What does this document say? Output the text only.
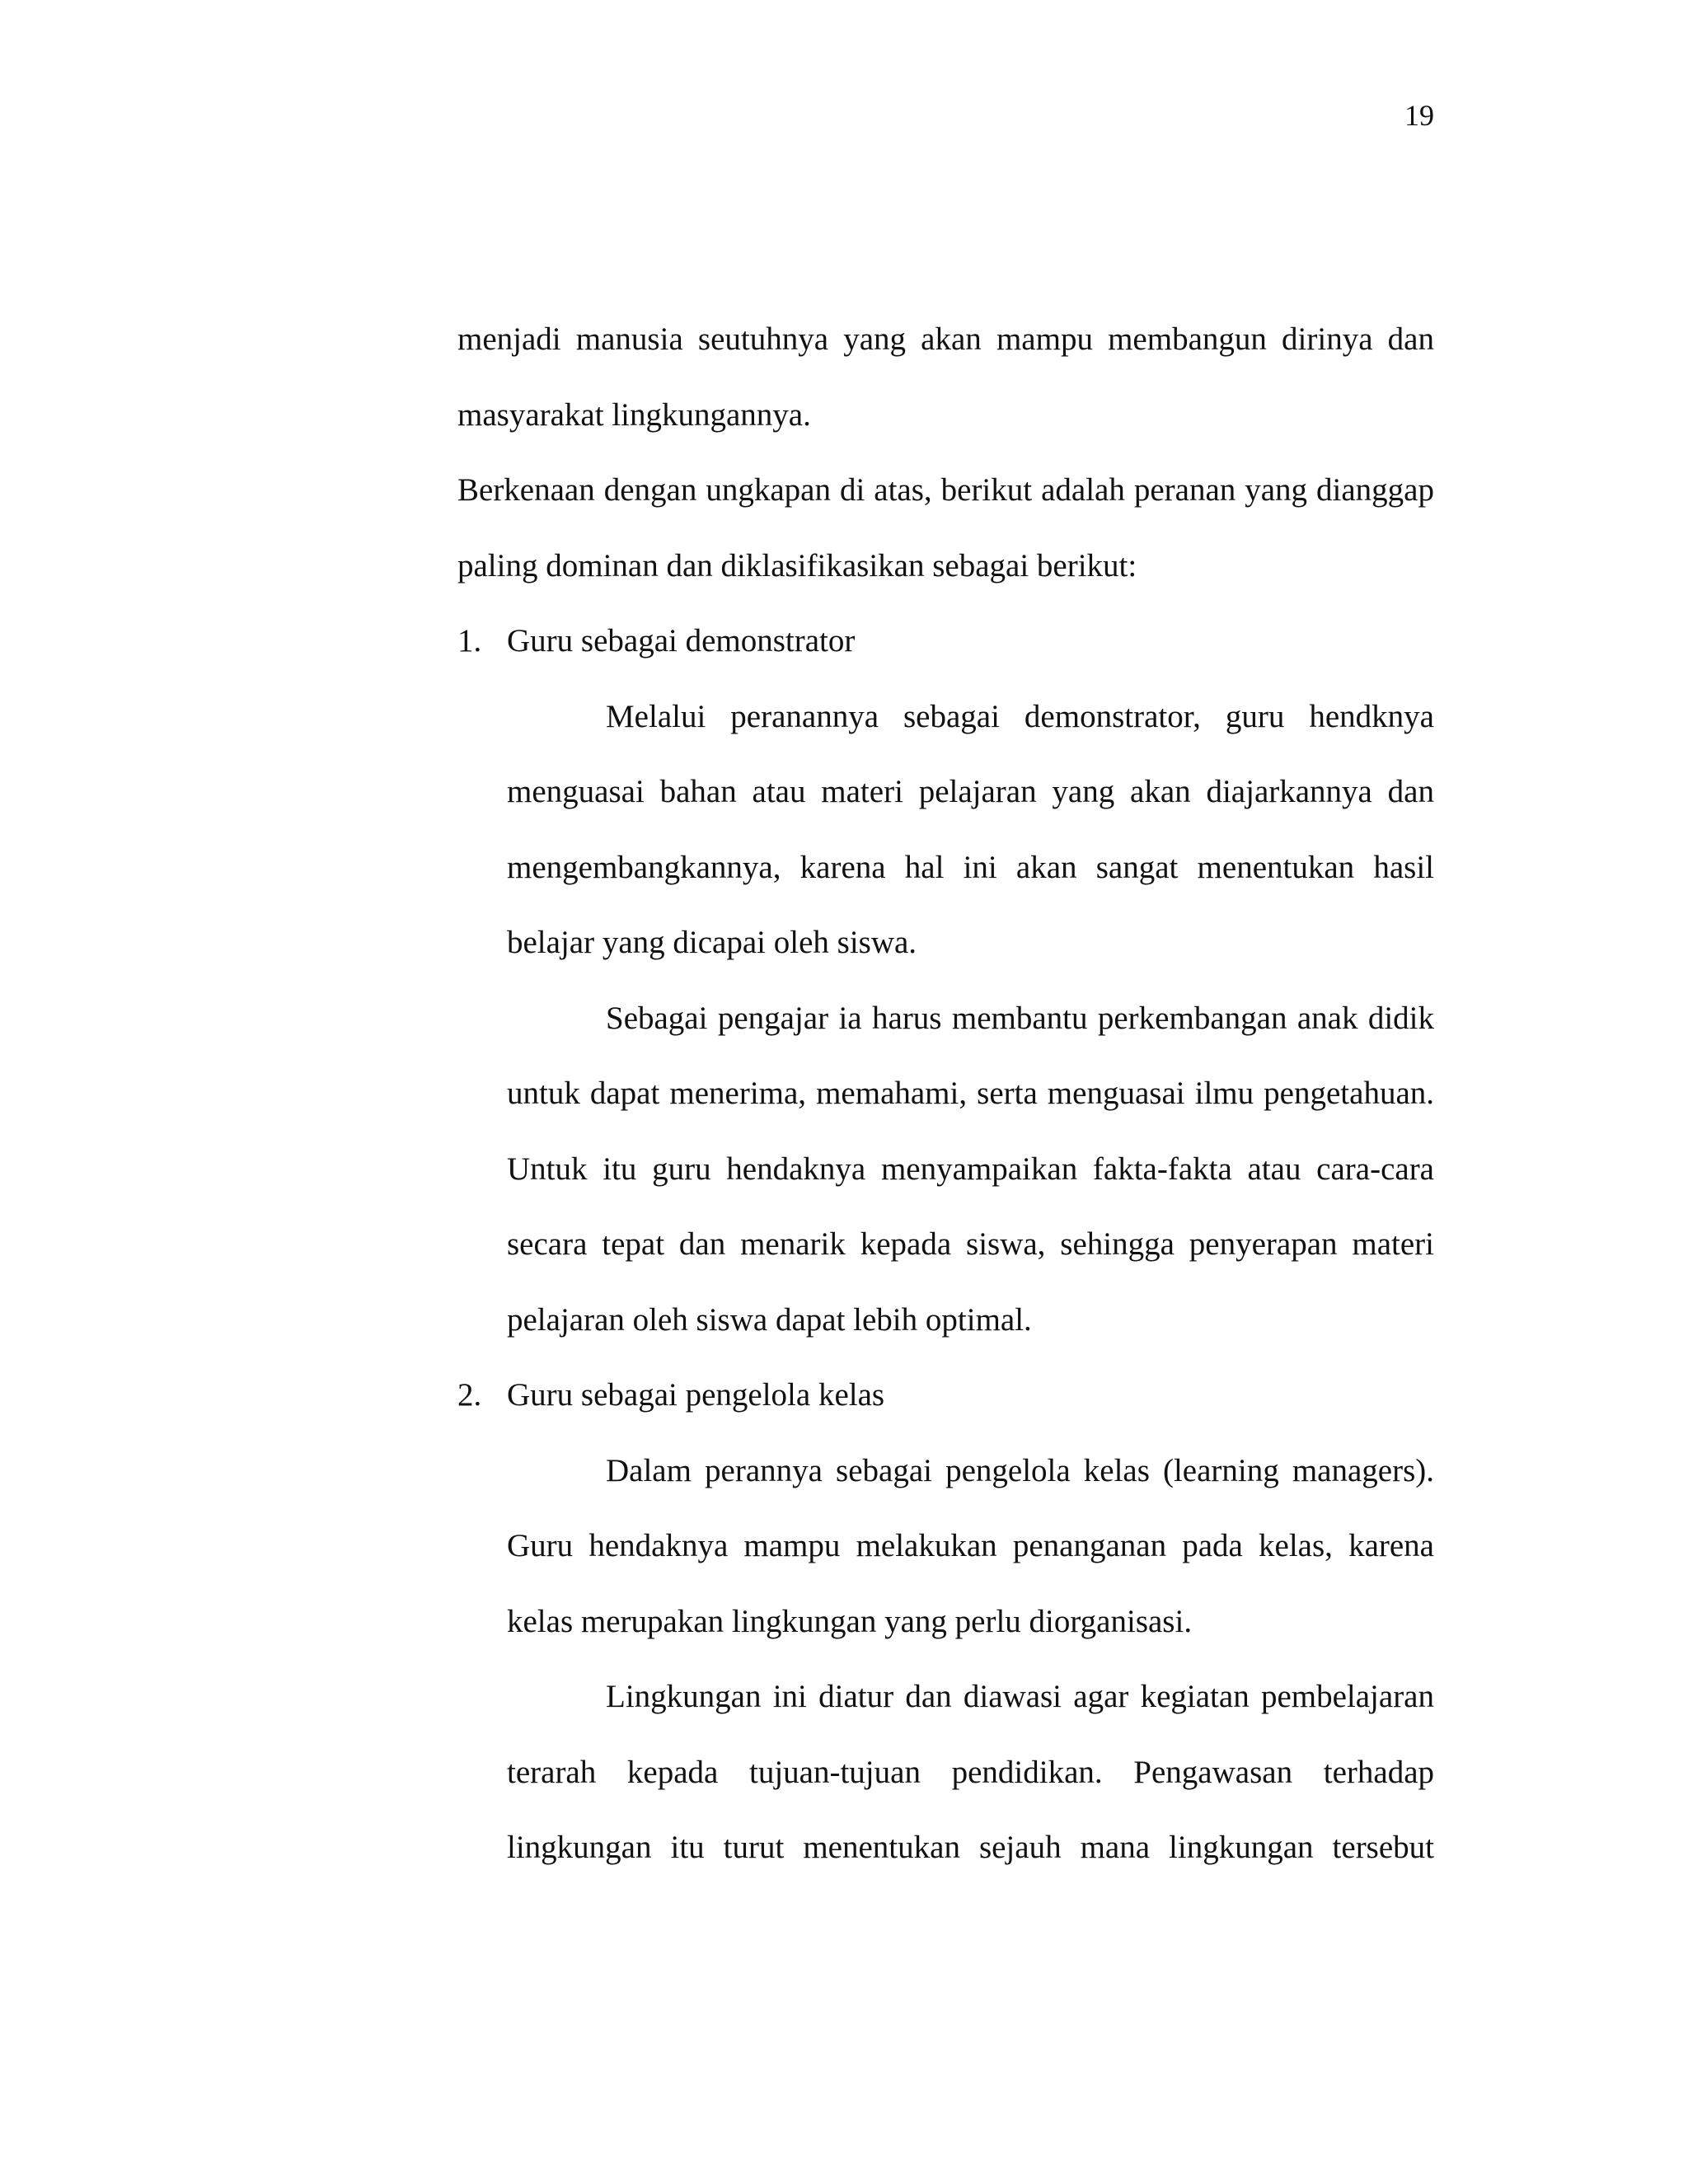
19

menjadi manusia seutuhnya yang akan mampu membangun dirinya dan masyarakat lingkungannya.

Berkenaan dengan ungkapan di atas, berikut adalah peranan yang dianggap paling dominan dan diklasifikasikan sebagai berikut:

1. Guru sebagai demonstrator

Melalui peranannya sebagai demonstrator, guru hendknya menguasai bahan atau materi pelajaran yang akan diajarkannya dan mengembangkannya, karena hal ini akan sangat menentukan hasil belajar yang dicapai oleh siswa.

Sebagai pengajar ia harus membantu perkembangan anak didik untuk dapat menerima, memahami, serta menguasai ilmu pengetahuan. Untuk itu guru hendaknya menyampaikan fakta-fakta atau cara-cara secara tepat dan menarik kepada siswa, sehingga penyerapan materi pelajaran oleh siswa dapat lebih optimal.

2. Guru sebagai pengelola kelas

Dalam perannya sebagai pengelola kelas (learning managers). Guru hendaknya mampu melakukan penanganan pada kelas, karena kelas merupakan lingkungan yang perlu diorganisasi.

Lingkungan ini diatur dan diawasi agar kegiatan pembelajaran terarah kepada tujuan-tujuan pendidikan. Pengawasan terhadap lingkungan itu turut menentukan sejauh mana lingkungan tersebut
